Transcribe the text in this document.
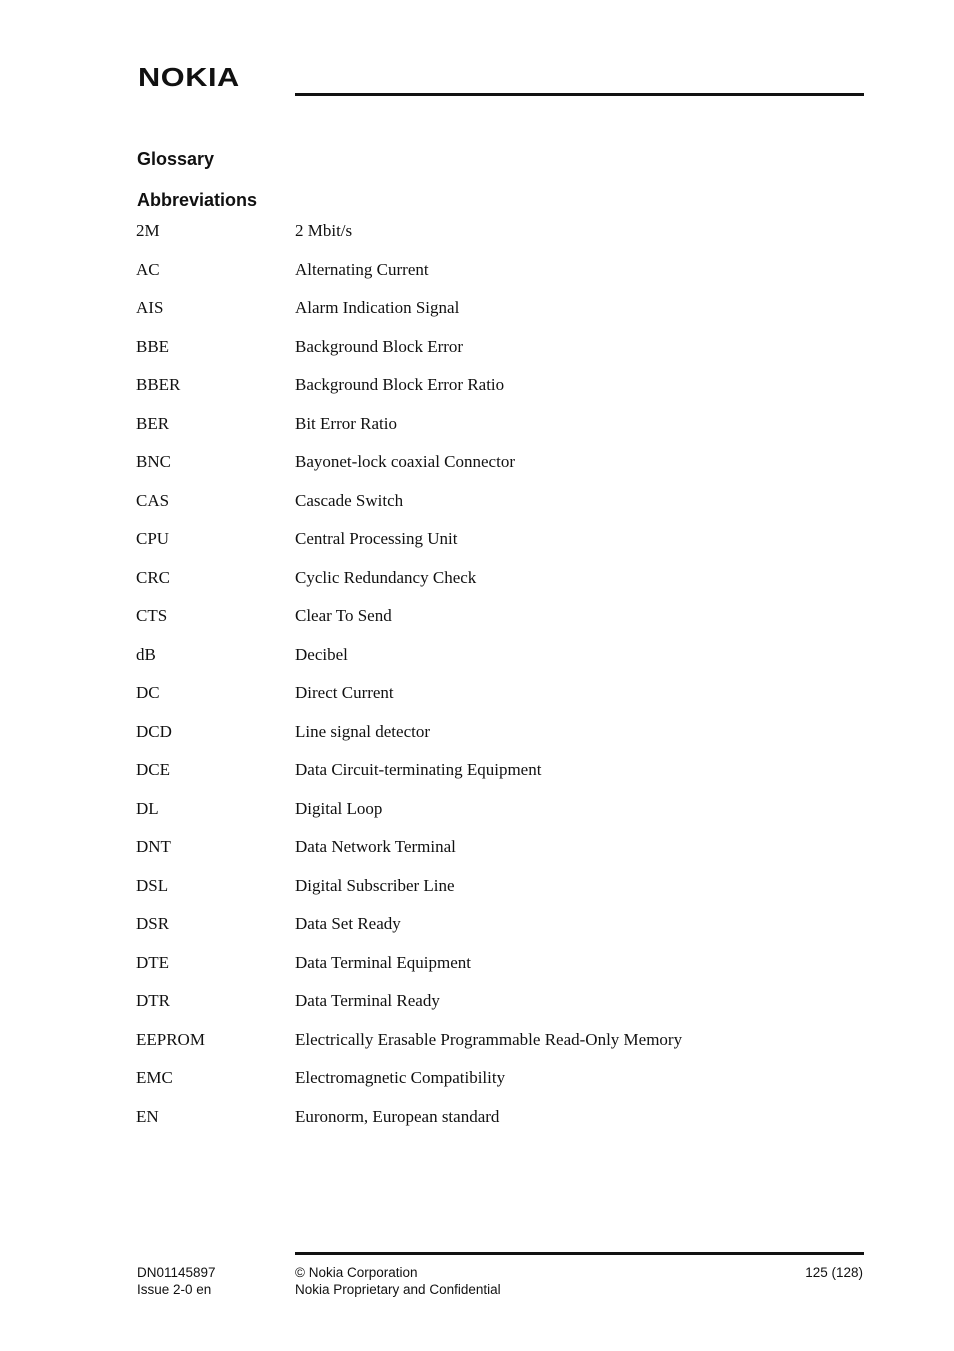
NOKIA
Glossary
Abbreviations
2M	2 Mbit/s
AC	Alternating Current
AIS	Alarm Indication Signal
BBE	Background Block Error
BBER	Background Block Error Ratio
BER	Bit Error Ratio
BNC	Bayonet-lock coaxial Connector
CAS	Cascade Switch
CPU	Central Processing Unit
CRC	Cyclic Redundancy Check
CTS	Clear To Send
dB	Decibel
DC	Direct Current
DCD	Line signal detector
DCE	Data Circuit-terminating Equipment
DL	Digital Loop
DNT	Data Network Terminal
DSL	Digital Subscriber Line
DSR	Data Set Ready
DTE	Data Terminal Equipment
DTR	Data Terminal Ready
EEPROM	Electrically Erasable Programmable Read-Only Memory
EMC	Electromagnetic Compatibility
EN	Euronorm, European standard
DN01145897
Issue 2-0 en
© Nokia Corporation
Nokia Proprietary and Confidential
125 (128)
